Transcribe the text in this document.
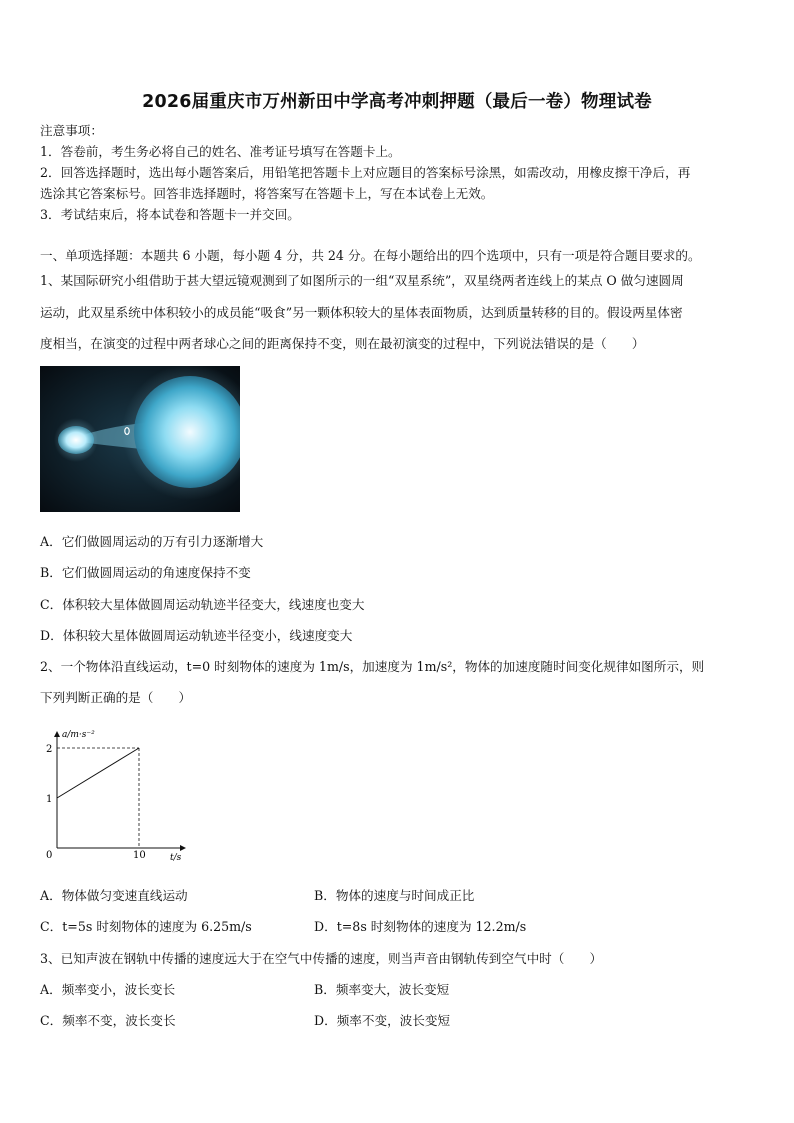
2026届重庆市万州新田中学高考冲刺押题（最后一卷）物理试卷
注意事项：
1．答卷前，考生务必将自己的姓名、准考证号填写在答题卡上。
2．回答选择题时，选出每小题答案后，用铅笔把答题卡上对应题目的答案标号涂黑，如需改动，用橡皮擦干净后，再
选涂其它答案标号。回答非选择题时，将答案写在答题卡上，写在本试卷上无效。
3．考试结束后，将本试卷和答题卡一并交回。
一、单项选择题：本题共 6 小题，每小题 4 分，共 24 分。在每小题给出的四个选项中，只有一项是符合题目要求的。
1、某国际研究小组借助于甚大望远镜观测到了如图所示的一组“双星系统”，双星绕两者连线上的某点 O 做匀速圆周
运动，此双星系统中体积较小的成员能“吸食”另一颗体积较大的星体表面物质，达到质量转移的目的。假设两星体密
度相当，在演变的过程中两者球心之间的距离保持不变，则在最初演变的过程中，下列说法错误的是（　　）
A．它们做圆周运动的万有引力逐渐增大
B．它们做圆周运动的角速度保持不变
C．体积较大星体做圆周运动轨迹半径变大，线速度也变大
D．体积较大星体做圆周运动轨迹半径变小，线速度变大
2、一个物体沿直线运动，t=0 时刻物体的速度为 1m/s，加速度为 1m/s²，物体的加速度随时间变化规律如图所示，则
下列判断正确的是（　　）
a/m·s⁻²
t/s
0
1
2
10
A．物体做匀变速直线运动	B．物体的速度与时间成正比
C．t=5s 时刻物体的速度为 6.25m/s	D．t=8s 时刻物体的速度为 12.2m/s
3、已知声波在钢轨中传播的速度远大于在空气中传播的速度，则当声音由钢轨传到空气中时（　　）
A．频率变小，波长变长	B．频率变大，波长变短
C．频率不变，波长变长	D．频率不变，波长变短
